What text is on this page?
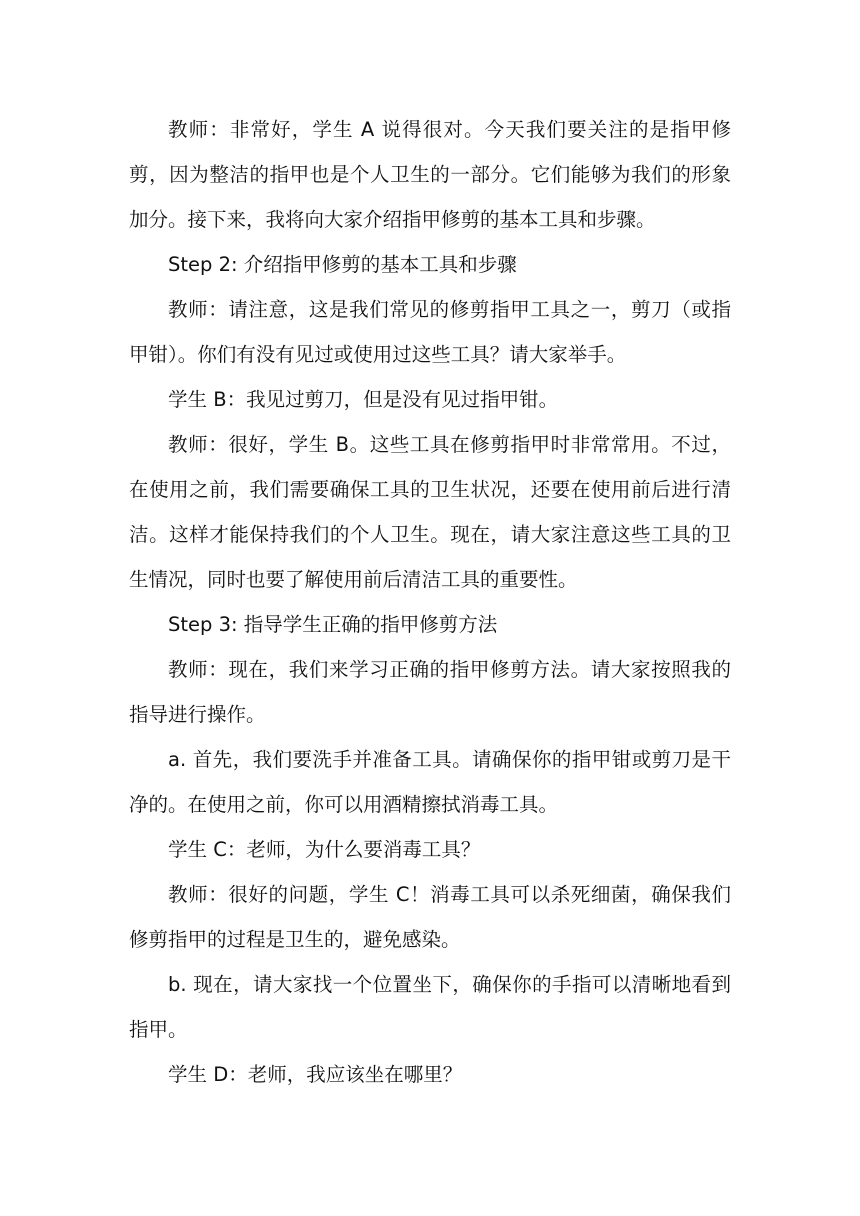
教师：非常好，学生 A 说得很对。今天我们要关注的是指甲修剪，因为整洁的指甲也是个人卫生的一部分。它们能够为我们的形象加分。接下来，我将向大家介绍指甲修剪的基本工具和步骤。

Step 2: 介绍指甲修剪的基本工具和步骤

教师：请注意，这是我们常见的修剪指甲工具之一，剪刀（或指甲钳）。你们有没有见过或使用过这些工具？请大家举手。

学生 B：我见过剪刀，但是没有见过指甲钳。

教师：很好，学生 B。这些工具在修剪指甲时非常常用。不过，在使用之前，我们需要确保工具的卫生状况，还要在使用前后进行清洁。这样才能保持我们的个人卫生。现在，请大家注意这些工具的卫生情况，同时也要了解使用前后清洁工具的重要性。

Step 3: 指导学生正确的指甲修剪方法

教师：现在，我们来学习正确的指甲修剪方法。请大家按照我的指导进行操作。

a. 首先，我们要洗手并准备工具。请确保你的指甲钳或剪刀是干净的。在使用之前，你可以用酒精擦拭消毒工具。

学生 C：老师，为什么要消毒工具？

教师：很好的问题，学生 C！消毒工具可以杀死细菌，确保我们修剪指甲的过程是卫生的，避免感染。

b. 现在，请大家找一个位置坐下，确保你的手指可以清晰地看到指甲。

学生 D：老师，我应该坐在哪里？
